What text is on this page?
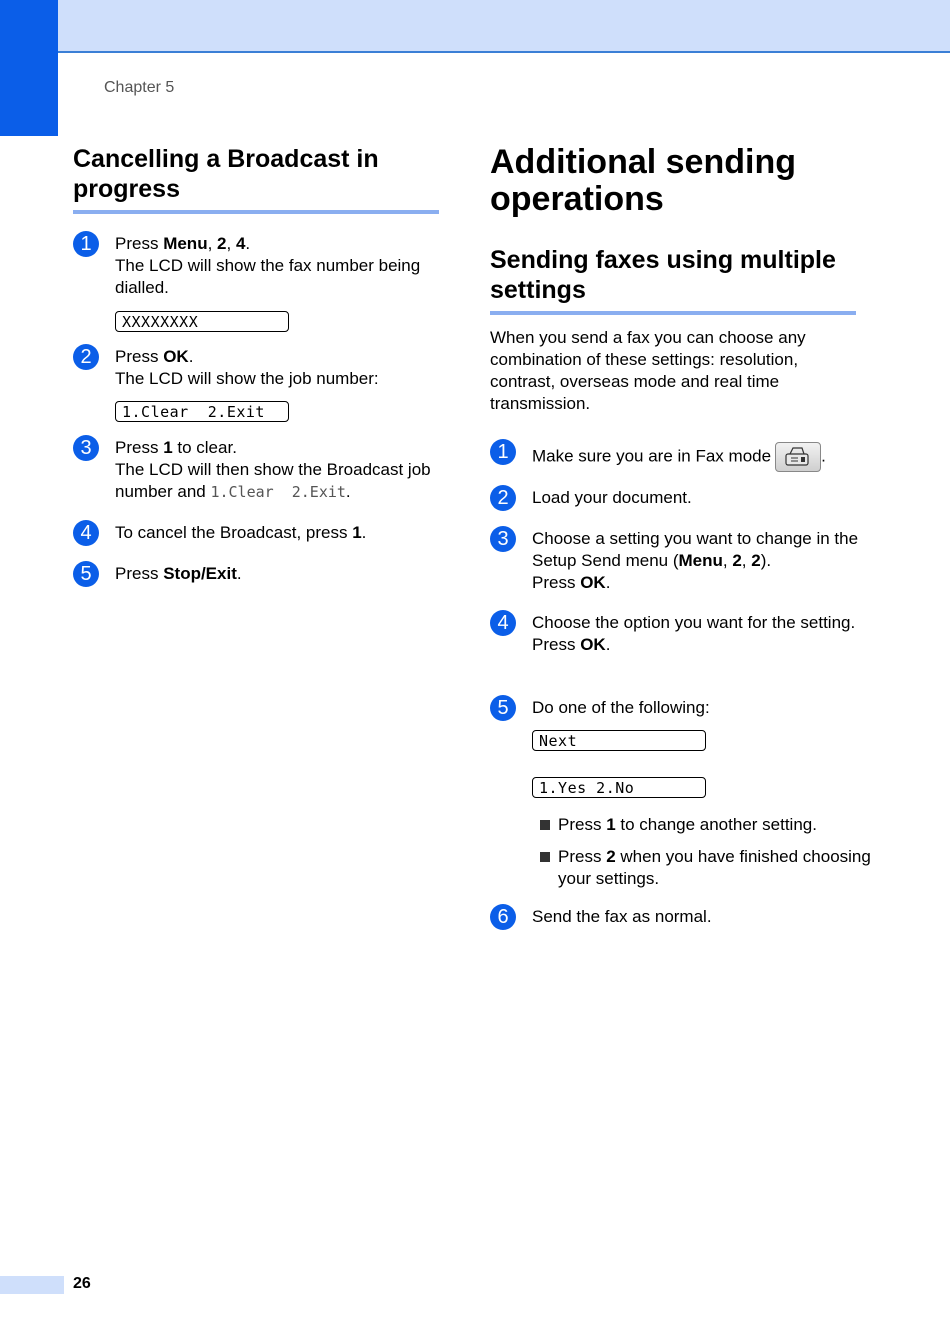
Chapter 5
Cancelling a Broadcast in progress
1	Press Menu, 2, 4.
The LCD will show the fax number being dialled.
XXXXXXXX
2	Press OK.
The LCD will show the job number:
1.Clear  2.Exit
3	Press 1 to clear.
The LCD will then show the Broadcast job number and 1.Clear  2.Exit.
4	To cancel the Broadcast, press 1.
5	Press Stop/Exit.
Additional sending operations
Sending faxes using multiple settings
When you send a fax you can choose any combination of these settings: resolution, contrast, overseas mode and real time transmission.
1	Make sure you are in Fax mode	.
2	Load your document.
3	Choose a setting you want to change in the Setup Send menu (Menu, 2, 2).
Press OK.
4	Choose the option you want for the setting.
Press OK.
5	Do one of the following:
Next
1.Yes 2.No
Press 1 to change another setting.
Press 2 when you have finished choosing your settings.
6	Send the fax as normal.
26
